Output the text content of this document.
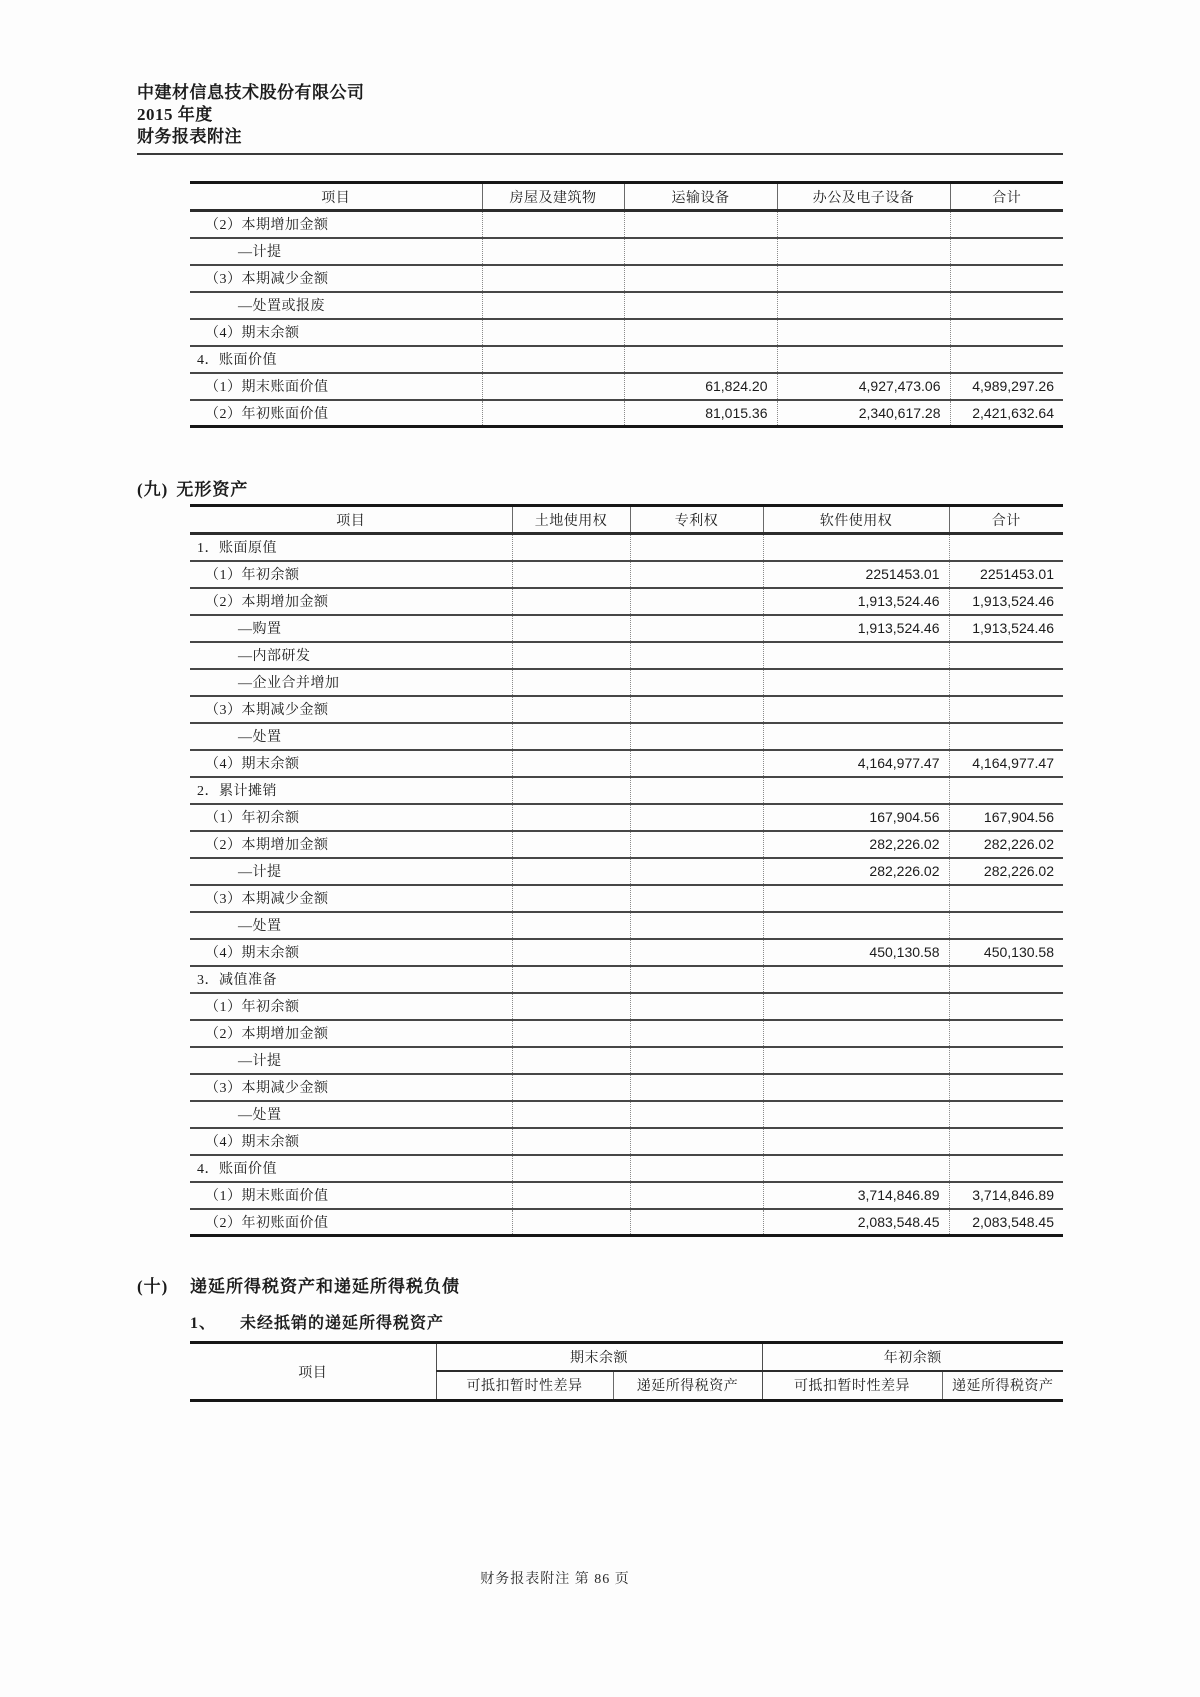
中建材信息技术股份有限公司
2015 年度
财务报表附注
项目	房屋及建筑物	运输设备	办公及电子设备	合计
（2）本期增加金额				
—计提				
（3）本期减少金额				
—处置或报废				
（4）期末余额				
4．账面价值				
（1）期末账面价值		61,824.20	4,927,473.06	4,989,297.26
（2）年初账面价值		81,015.36	2,340,617.28	2,421,632.64
(九) 无形资产
项目	土地使用权	专利权	软件使用权	合计
1．账面原值				
（1）年初余额			2251453.01	2251453.01
（2）本期增加金额			1,913,524.46	1,913,524.46
—购置			1,913,524.46	1,913,524.46
—内部研发				
—企业合并增加				
（3）本期减少金额				
—处置				
（4）期末余额			4,164,977.47	4,164,977.47
2．累计摊销				
（1）年初余额			167,904.56	167,904.56
（2）本期增加金额			282,226.02	282,226.02
—计提			282,226.02	282,226.02
（3）本期减少金额				
—处置				
（4）期末余额			450,130.58	450,130.58
3．减值准备				
（1）年初余额				
（2）本期增加金额				
—计提				
（3）本期减少金额				
—处置				
（4）期末余额				
4．账面价值				
（1）期末账面价值			3,714,846.89	3,714,846.89
（2）年初账面价值			2,083,548.45	2,083,548.45
(十) 递延所得税资产和递延所得税负债
1、 未经抵销的递延所得税资产
项目	期末余额		年初余额	
	可抵扣暂时性差异	递延所得税资产	可抵扣暂时性差异	递延所得税资产
财务报表附注 第 86 页
